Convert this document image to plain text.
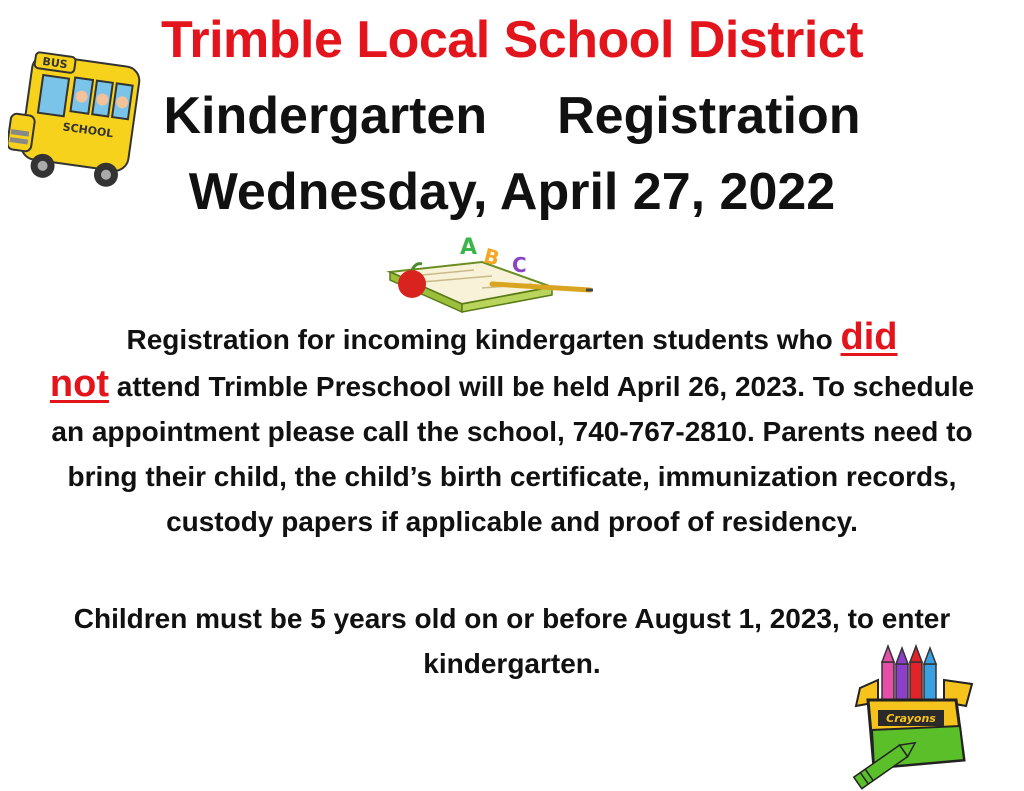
Trimble Local School District
Kindergarten Registration
Wednesday, April 27, 2022
BUS
SCHOOL
A B C

Registration for incoming kindergarten students who did
not attend Trimble Preschool will be held April 26, 2023. To schedule an appointment please call the school, 740-767-2810. Parents need to bring their child, the child’s birth certificate, immunization records, custody papers if applicable and proof of residency.

Children must be 5 years old on or before August 1, 2023, to enter kindergarten.

Crayons
